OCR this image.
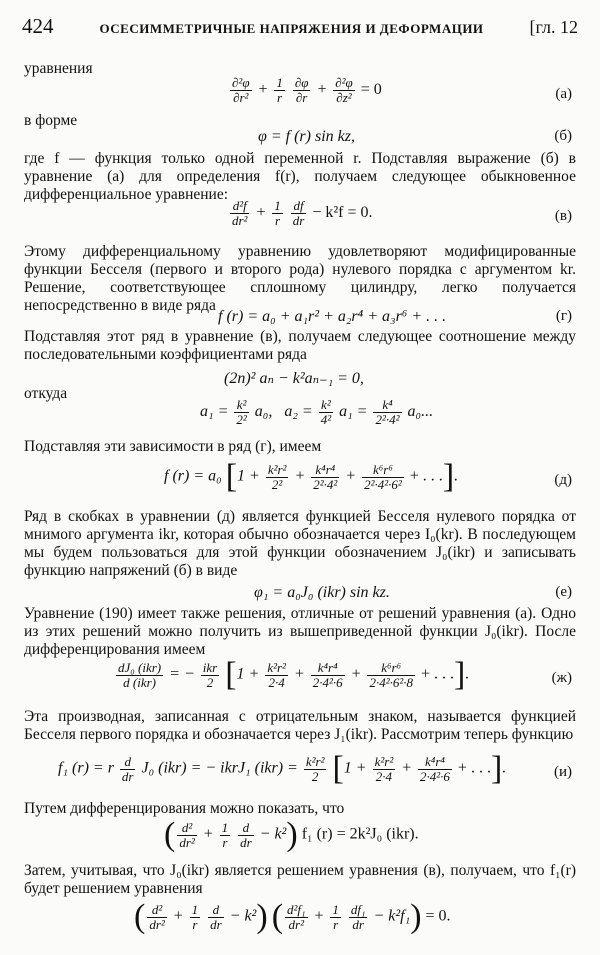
424	ОСЕСИММЕТРИЧНЫЕ НАПРЯЖЕНИЯ И ДЕФОРМАЦИИ	[гл. 12

уравнения

$\frac{\text{∂²φ}}{\text{∂r²}} + \frac{1}{r}$
$\frac{\partial\varphi}{\partial r} + \frac{\text{∂²φ}}{\text{∂z²}} = 0$	(а)

в форме

φ = f (r) sin kz,	(б)

где f — функция только одной переменной r. Подставляя выражение (б) в уравнение (а) для определения f(r), получаем следующее обыкновенное дифференциальное уравнение:

$\frac{\text{d²f}}{\text{dr²}} + \frac{1}{r}$
$\frac{df}{dr} - k^2f = 0$.	(в)

Этому дифференциальному уравнению удовлетворяют модифицированные функции Бесселя (первого и второго рода) нулевого порядка с аргументом kr. Решение, соответствующее сплошному цилиндру, легко получается непосредственно в виде ряда

f (r) = a₀ + a₁r² + a₂r⁴ + a₃r⁶ + . . .	(г)

Подставляя этот ряд в уравнение (в), получаем следующее соотношение между последовательными коэффициентами ряда

(2n)² aₙ − k²aₙ₋₁ = 0,

откуда

$a_1 = \frac{\text{k²}}{\text{2²}} a_0$, $a_2 = \frac{\text{k²}}{\text{4²}} a_1 = \frac{\text{k⁴}}{\text{2²·4²}} a_0$...

Подставляя эти зависимости в ряд (г), имеем

f (r) = a₀ [$1 + \frac{\text{k²r²}}{\text{2²}} + \frac{\text{k⁴r⁴}}{\text{2²·4²}} + \frac{\text{k⁶r⁶}}{\text{2²·4²·6²}}$ + . . .].	(д)

Ряд в скобках в уравнении (д) является функцией Бесселя нулевого порядка от мнимого аргумента ikr, которая обычно обозначается через I₀(kr). В последующем мы будем пользоваться для этой функции обозначением J₀(ikr) и записывать функцию напряжений (б) в виде

φ₁ = a₀J₀ (ikr) sin kz.	(е)

Уравнение (190) имеет также решения, отличные от решений уравнения (а). Одно из этих решений можно получить из вышеприведенной функции J₀(ikr). После дифференцирования имеем

$\frac{\text{dJ₀ (ikr)}}{\text{d (ikr)}}$ = − $\frac{\text{ikr}}{2} [1 + \frac{\text{k²r²}}{2\cdot 4} + \frac{\text{k⁴r⁴}}{\text{2·4²·6}} + \frac{\text{k⁶r⁶}}{\text{2·4²·6²·8}}$ + . . .].	(ж)

Эта производная, записанная с отрицательным знаком, называется функцией Бесселя первого порядка и обозначается через J₁(ikr). Рассмотрим теперь функцию

f₁ (r) = r $\frac{d}{dr} J_0$ (ikr) = − ikrJ₁ $(ikr) = \frac{\text{k²r²}}{2} [1 + \frac{\text{k²r²}}{2\cdot 4} + \frac{\text{k⁴r⁴}}{\text{2·4²·6}}$ + . . .].	(и)

Путем дифференцирования можно показать, что

( $\frac{\text{d²}}{\text{dr²}} + \frac{1}{r}$
$\frac{d}{dr} - k^2$) f₁ (r) = 2k²J₀ (ikr).

Затем, учитывая, что J₀(ikr) является решением уравнения (в), получаем, что f₁(r) будет решением уравнения

( $\frac{\text{d²}}{\text{dr²}} + \frac{1}{r}$
$\frac{d}{dr} - k^2$) ( $\frac{\text{d²f₁}}{\text{dr²}} + \frac{1}{r}$
$\frac{\text{df₁}}{dr} - k^2f_1) = 0$.
